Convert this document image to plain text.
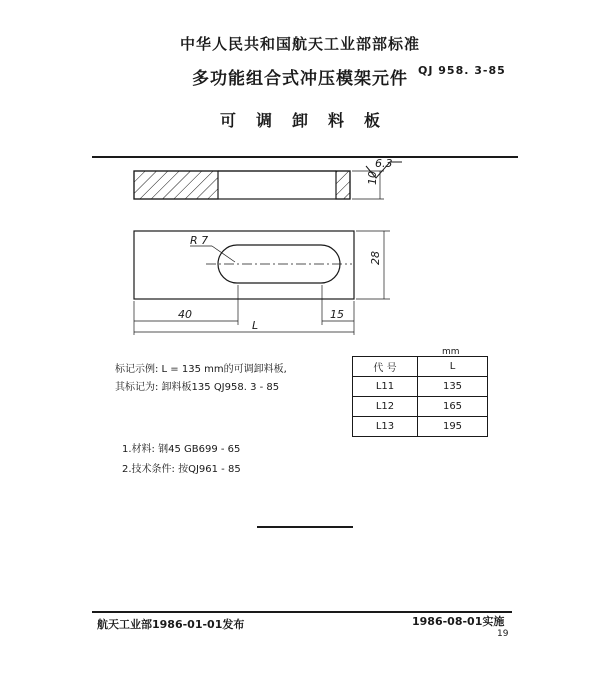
中华人民共和国航天工业部部标准
多功能组合式冲压模架元件 QJ 958. 3-85
可调卸料板
6.3
10
R 7
28
40	15
L
标记示例: L = 135 mm的可调卸料板,
其标记为: 卸料板135 QJ958. 3 - 85
mm
代 号	L
L11	135
L12	165
L13	195
1.材料: 钢45 GB699 - 65
2.技术条件: 按QJ961 - 85
航天工业部1986-01-01发布	1986-08-01实施
19
